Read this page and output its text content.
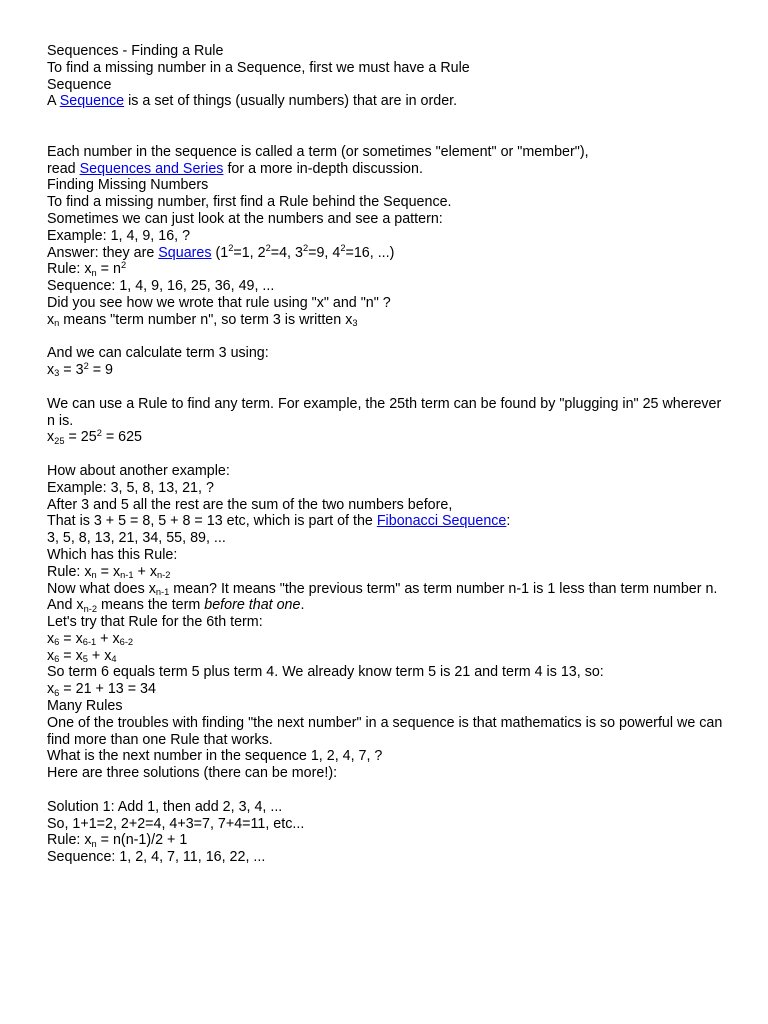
Sequences - Finding a Rule
To find a missing number in a Sequence, first we must have a Rule
Sequence
A Sequence is a set of things (usually numbers) that are in order.
Each number in the sequence is called a term (or sometimes "element" or "member"),
read Sequences and Series for a more in-depth discussion.
Finding Missing Numbers
To find a missing number, first find a Rule behind the Sequence.
Sometimes we can just look at the numbers and see a pattern:
Example: 1, 4, 9, 16, ?
Answer: they are Squares ($1^2=1$, $2^2=4$, $3^2=9$, $4^2=16$, ...)
Rule: $x_n = n^2$
Sequence: 1, 4, 9, 16, 25, 36, 49, ...
Did you see how we wrote that rule using "x" and "n" ?
$x_n$ means "term number n", so term 3 is written $x_3$
And we can calculate term 3 using:
$x_3 = 3^2 = 9$
We can use a Rule to find any term. For example, the 25th term can be found by "plugging in" 25 wherever n is.
$x_{25} = 25^2 = 625$
How about another example:
Example: 3, 5, 8, 13, 21, ?
After 3 and 5 all the rest are the sum of the two numbers before,
That is 3 + 5 = 8, 5 + 8 = 13 etc, which is part of the Fibonacci Sequence:
3, 5, 8, 13, 21, 34, 55, 89, ...
Which has this Rule:
Rule: $x_n = x_{n-1} + x_{n-2}$
Now what does $x_{n-1}$ mean? It means "the previous term" as term number n-1 is 1 less than term number n.
And $x_{n-2}$ means the term before that one.
Let's try that Rule for the 6th term:
$x_6 = x_{6-1} + x_{6-2}$
$x_6 = x_5 + x_4$
So term 6 equals term 5 plus term 4. We already know term 5 is 21 and term 4 is 13, so:
$x_6 = 21 + 13 = 34$
Many Rules
One of the troubles with finding "the next number" in a sequence is that mathematics is so powerful we can find more than one Rule that works.
What is the next number in the sequence 1, 2, 4, 7, ?
Here are three solutions (there can be more!):
Solution 1: Add 1, then add 2, 3, 4, ...
So, 1+1=2, 2+2=4, 4+3=7, 7+4=11, etc...
Rule: $x_n = n(n-1)/2 + 1$
Sequence: 1, 2, 4, 7, 11, 16, 22, ...
